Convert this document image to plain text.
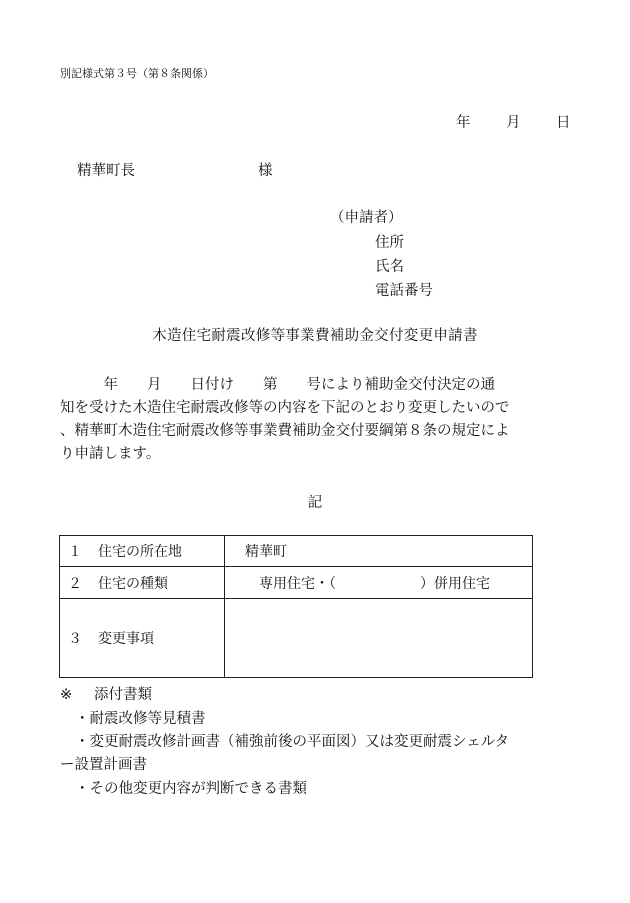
別記様式第３号（第８条関係）
年 月 日
精華町長	様
（申請者）
住所
氏名
電話番号
木造住宅耐震改修等事業費補助金交付変更申請書
　　　年　　月　　日付け　　第　　号により補助金交付決定の通
知を受けた木造住宅耐震改修等の内容を下記のとおり変更したいので
、精華町木造住宅耐震改修等事業費補助金交付要綱第８条の規定によ
り申請します。
記
１ 住宅の所在地	精華町
２ 住宅の種類	専用住宅・（　　　　　　）併用住宅
３ 変更事項	
※ 添付書類
・耐震改修等見積書
・変更耐震改修計画書（補強前後の平面図）又は変更耐震シェルタ
ー設置計画書
・その他変更内容が判断できる書類
